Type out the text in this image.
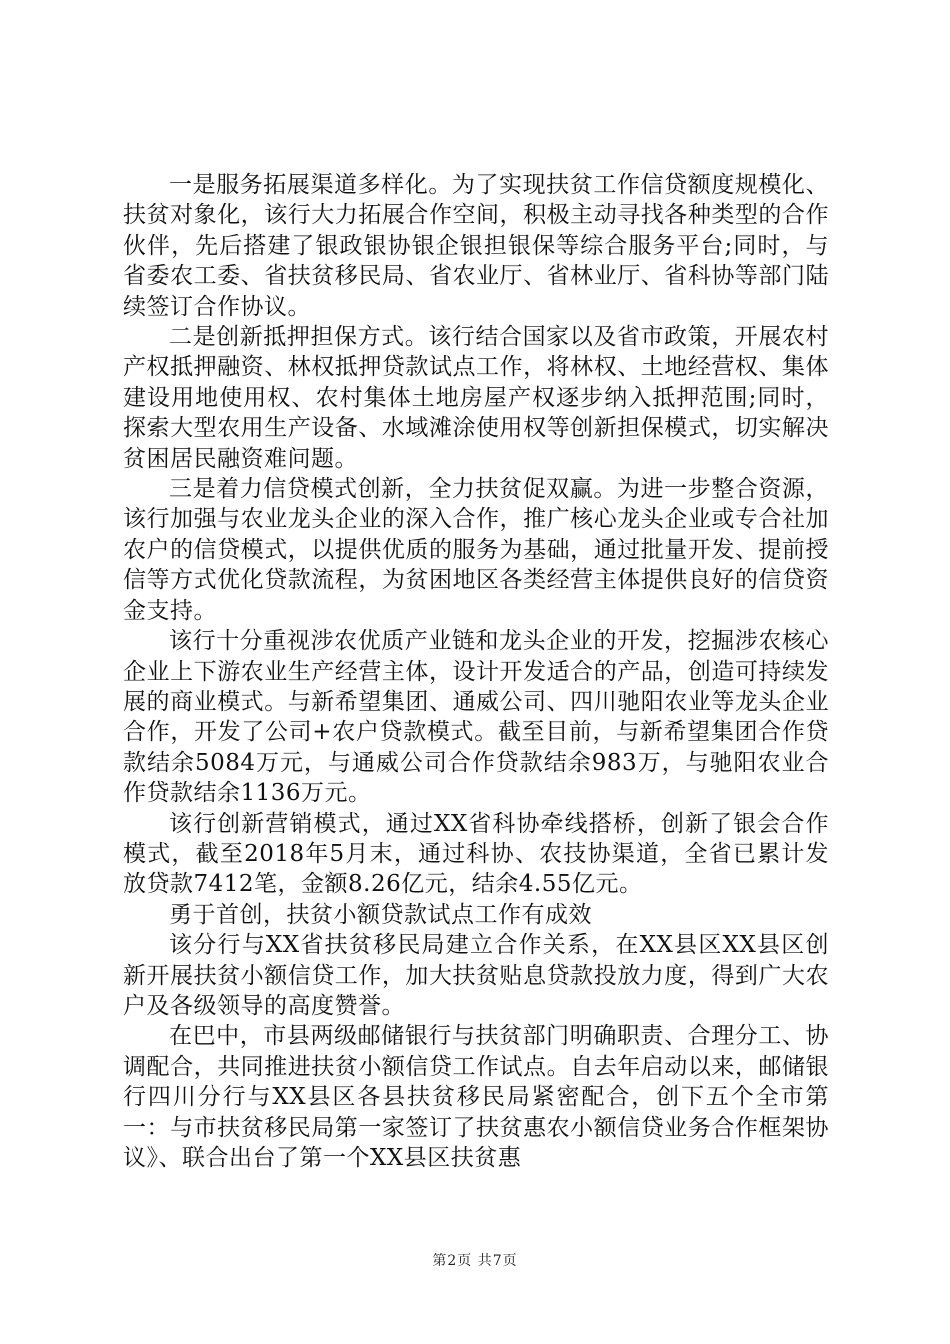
一是服务拓展渠道多样化。为了实现扶贫工作信贷额度规模化、扶贫对象化，该行大力拓展合作空间，积极主动寻找各种类型的合作伙伴，先后搭建了银政银协银企银担银保等综合服务平台;同时，与省委农工委、省扶贫移民局、省农业厅、省林业厅、省科协等部门陆续签订合作协议。

二是创新抵押担保方式。该行结合国家以及省市政策，开展农村产权抵押融资、林权抵押贷款试点工作，将林权、土地经营权、集体建设用地使用权、农村集体土地房屋产权逐步纳入抵押范围;同时，探索大型农用生产设备、水域滩涂使用权等创新担保模式，切实解决贫困居民融资难问题。

三是着力信贷模式创新，全力扶贫促双赢。为进一步整合资源，该行加强与农业龙头企业的深入合作，推广核心龙头企业或专合社加农户的信贷模式，以提供优质的服务为基础，通过批量开发、提前授信等方式优化贷款流程，为贫困地区各类经营主体提供良好的信贷资金支持。

该行十分重视涉农优质产业链和龙头企业的开发，挖掘涉农核心企业上下游农业生产经营主体，设计开发适合的产品，创造可持续发展的商业模式。与新希望集团、通威公司、四川驰阳农业等龙头企业合作，开发了公司+农户贷款模式。截至目前，与新希望集团合作贷款结余5084万元，与通威公司合作贷款结余983万，与驰阳农业合作贷款结余1136万元。

该行创新营销模式，通过XX省科协牵线搭桥，创新了银会合作模式，截至2018年5月末，通过科协、农技协渠道，全省已累计发放贷款7412笔，金额8.26亿元，结余4.55亿元。

勇于首创，扶贫小额贷款试点工作有成效

该分行与XX省扶贫移民局建立合作关系，在XX县区XX县区创新开展扶贫小额信贷工作，加大扶贫贴息贷款投放力度，得到广大农户及各级领导的高度赞誉。

在巴中，市县两级邮储银行与扶贫部门明确职责、合理分工、协调配合，共同推进扶贫小额信贷工作试点。自去年启动以来，邮储银行四川分行与XX县区各县扶贫移民局紧密配合，创下五个全市第一：与市扶贫移民局第一家签订了扶贫惠农小额信贷业务合作框架协议》、联合出台了第一个XX县区扶贫惠

第2页 共7页
